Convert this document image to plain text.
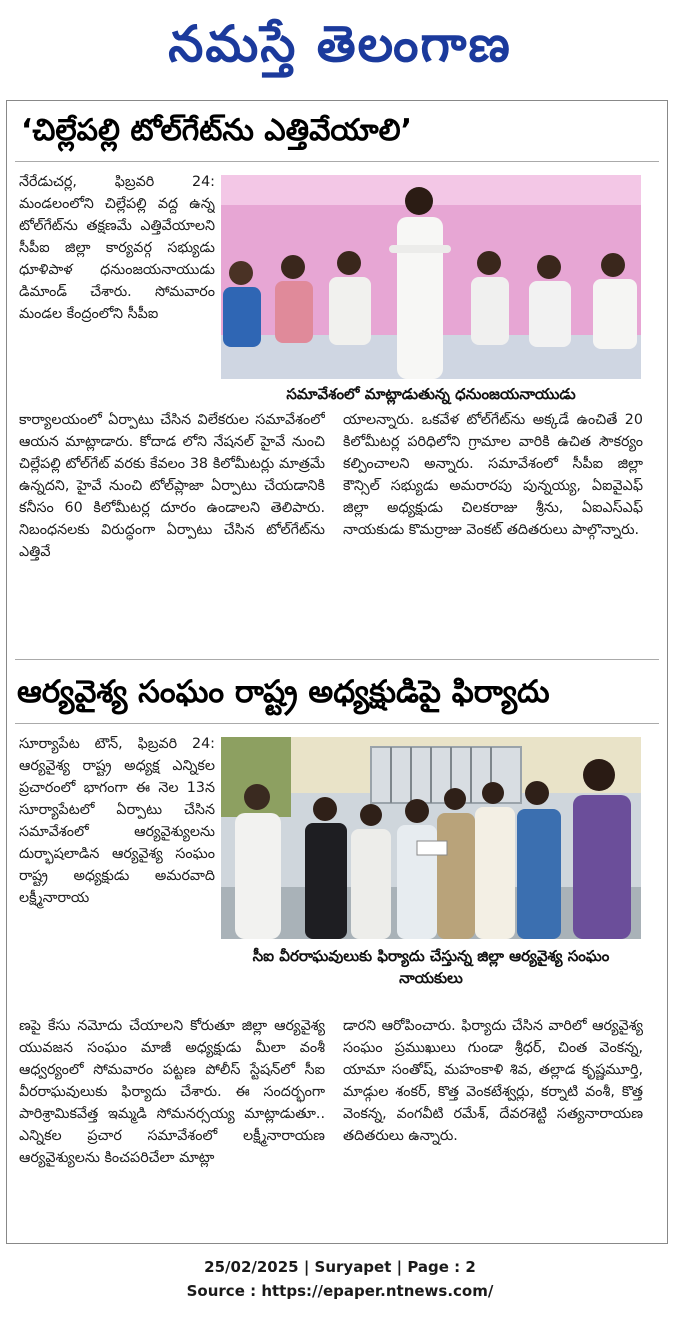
నమస్తే తెలంగాణ
‘చిల్లేపల్లి టోల్‌గేట్‌ను ఎత్తివేయాలి’
నేరేడుచర్ల, ఫిబ్రవరి 24: మండలంలోని చిల్లేపల్లి వద్ద ఉన్న టోల్‌గేట్‌ను తక్షణమే ఎత్తివేయాలని సీపీఐ జిల్లా కార్యవర్గ సభ్యుడు ధూళిపాళ ధనుంజయనాయుడు డిమాండ్ చేశారు. సోమవారం మండల కేంద్రంలోని సీపీఐ
సమావేశంలో మాట్లాడుతున్న ధనుంజయనాయుడు
కార్యాలయంలో ఏర్పాటు చేసిన విలేకరుల సమావేశంలో ఆయన మాట్లాడారు. కోదాడ లోని నేషనల్ హైవే నుంచి చిల్లేపల్లి టోల్‌గేట్ వరకు కేవలం 38 కిలోమీటర్లు మాత్రమే ఉన్నదని, హైవే నుంచి టోల్‌ప్లాజా ఏర్పాటు చేయడానికి కనీసం 60 కిలోమీటర్ల దూరం ఉండాలని తెలిపారు. నిబంధనలకు విరుద్ధంగా ఏర్పాటు చేసిన టోల్‌గేట్‌ను ఎత్తివే
యాలన్నారు. ఒకవేళ టోల్‌గేట్‌ను అక్కడే ఉంచితే 20 కిలోమీటర్ల పరిధిలోని గ్రామాల వారికి ఉచిత సౌకర్యం కల్పించాలని అన్నారు. సమావేశంలో సీపీఐ జిల్లా కౌన్సిల్ సభ్యుడు అమరారపు పున్నయ్య, ఏఐవైఎఫ్ జిల్లా అధ్యక్షుడు చిలకరాజు శ్రీను, ఏఐఎస్ఎఫ్ నాయకుడు కొమర్రాజు వెంకట్ తదితరులు పాల్గొన్నారు.
ఆర్యవైశ్య సంఘం రాష్ట్ర అధ్యక్షుడిపై ఫిర్యాదు
సూర్యాపేట టౌన్, ఫిబ్రవరి 24: ఆర్యవైశ్య రాష్ట్ర అధ్యక్ష ఎన్నికల ప్రచారంలో భాగంగా ఈ నెల 13న సూర్యాపేటలో ఏర్పాటు చేసిన సమావేశంలో ఆర్యవైశ్యులను దుర్భాషలాడిన ఆర్యవైశ్య సంఘం రాష్ట్ర అధ్యక్షుడు అమరవాది లక్ష్మీనారాయ
సీఐ వీరరాఘవులుకు ఫిర్యాదు చేస్తున్న జిల్లా ఆర్యవైశ్య సంఘం నాయకులు
ణపై కేసు నమోదు చేయాలని కోరుతూ జిల్లా ఆర్యవైశ్య యువజన సంఘం మాజీ అధ్యక్షుడు మీలా వంశీ ఆధ్వర్యంలో సోమవారం పట్టణ పోలీస్ స్టేషన్‌లో సీఐ వీరరాఘవులుకు ఫిర్యాదు చేశారు. ఈ సందర్భంగా పారిశ్రామికవేత్త ఇమ్మడి సోమనర్సయ్య మాట్లాడుతూ.. ఎన్నికల ప్రచార సమావేశంలో లక్ష్మీనారాయణ ఆర్యవైశ్యులను కించపరిచేలా మాట్లా
డారని ఆరోపించారు. ఫిర్యాదు చేసిన వారిలో ఆర్యవైశ్య సంఘం ప్రముఖులు గుండా శ్రీధర్, చింత వెంకన్న, యామా సంతోష్, మహంకాళి శివ, తల్లాడ కృష్ణమూర్తి, మాడ్గుల శంకర్, కొత్త వెంకటేశ్వర్లు, కర్నాటి వంశీ, కొత్త వెంకన్న, వంగవీటి రమేశ్, దేవరశెట్టి సత్యనారాయణ తదితరులు ఉన్నారు.
25/02/2025 | Suryapet | Page : 2
Source : https://epaper.ntnews.com/
